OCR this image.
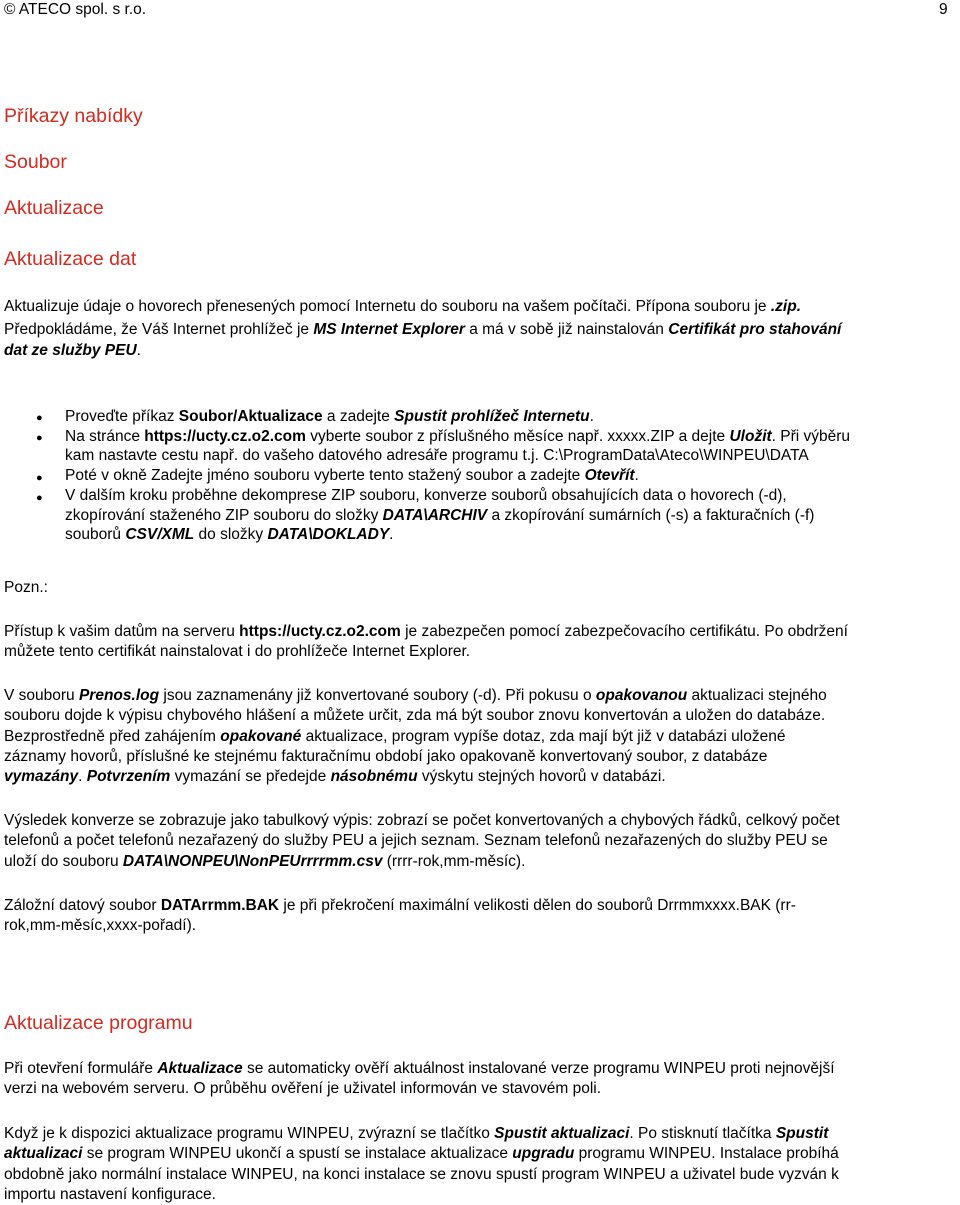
© ATECO spol. s r.o.	9
Příkazy nabídky
Soubor
Aktualizace
Aktualizace dat

Aktualizuje údaje o hovorech přenesených pomocí Internetu do souboru na vašem počítači. Přípona souboru je .zip.

Předpokládáme, že Váš Internet prohlížeč je MS Internet Explorer a má v sobě již nainstalován Certifikát pro stahování

dat ze služby PEU.

●
●
●
●

Proveďte příkaz Soubor/Aktualizace a zadejte Spustit prohlížeč Internetu.

Na stránce https://ucty.cz.o2.com vyberte soubor z příslušného měsíce např. xxxxx.ZIP a dejte Uložit. Při výběru

kam nastavte cestu např. do vašeho datového adresáře programu t.j. C:\ProgramData\Ateco\WINPEU\DATA

Poté v okně Zadejte jméno souboru vyberte tento stažený soubor a zadejte Otevřít.

V dalším kroku proběhne dekomprese ZIP souboru, konverze souborů obsahujících data o hovorech (-d),

zkopírování staženého ZIP souboru do složky DATA\ARCHIV a zkopírování sumárních (-s) a fakturačních (-f)

souborů CSV/XML do složky DATA\DOKLADY.

Pozn.:

Přístup k vašim datům na serveru https://ucty.cz.o2.com je zabezpečen pomocí zabezpečovacího certifikátu. Po obdržení

můžete tento certifikát nainstalovat i do prohlížeče Internet Explorer.

V souboru Prenos.log jsou zaznamenány již konvertované soubory (-d). Při pokusu o opakovanou aktualizaci stejného

souboru dojde k výpisu chybového hlášení a můžete určit, zda má být soubor znovu konvertován a uložen do databáze.

Bezprostředně před zahájením opakované aktualizace, program vypíše dotaz, zda mají být již v databázi uložené

záznamy hovorů, příslušné ke stejnému fakturačnímu období jako opakovaně konvertovaný soubor, z databáze

vymazány. Potvrzením vymazání se předejde násobnému výskytu stejných hovorů v databázi.

Výsledek konverze se zobrazuje jako tabulkový výpis: zobrazí se počet konvertovaných a chybových řádků, celkový počet

telefonů a počet telefonů nezařazený do služby PEU a jejich seznam. Seznam telefonů nezařazených do služby PEU se

uloží do souboru DATA\NONPEU\NonPEUrrrrmm.csv (rrrr-rok,mm-měsíc).

Záložní datový soubor DATArrmm.BAK je při překročení maximální velikosti dělen do souborů Drrmmxxxx.BAK (rr-

rok,mm-měsíc,xxxx-pořadí).

Aktualizace programu

Při otevření formuláře Aktualizace se automaticky ověří aktuálnost instalované verze programu WINPEU proti nejnovější

verzi na webovém serveru. O průběhu ověření je uživatel informován ve stavovém poli.

Když je k dispozici aktualizace programu WINPEU, zvýrazní se tlačítko Spustit aktualizaci. Po stisknutí tlačítka Spustit

aktualizaci se program WINPEU ukončí a spustí se instalace aktualizace upgradu programu WINPEU. Instalace probíhá

obdobně jako normální instalace WINPEU, na konci instalace se znovu spustí program WINPEU a uživatel bude vyzván k

importu nastavení konfigurace.
